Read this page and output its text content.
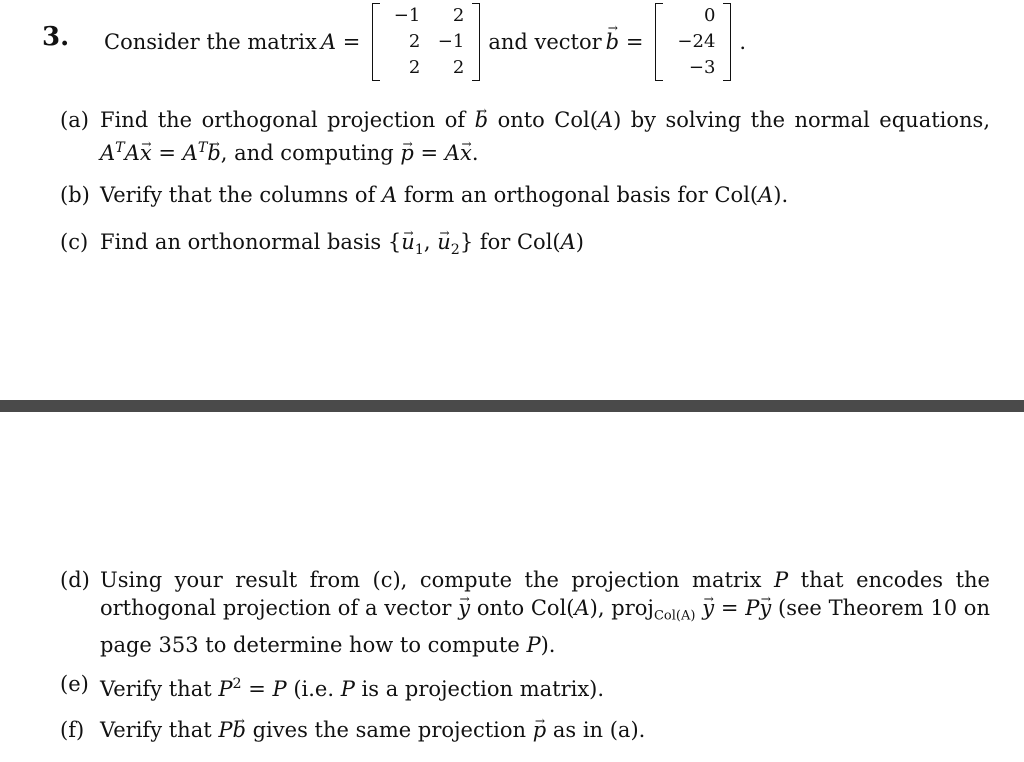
3. Consider the matrix A =
−1	2
2 −1
2	2
and vector b → =
0
−24
−3
.
(a) Find the orthogonal projection of b → onto Col(A) by solving the normal equations, $A^TAx$ → = $A^Tb$ →, and computing p → = Ax →.
(b) Verify that the columns of A form an orthogonal basis for Col(A).
(c) Find an orthonormal basis {$u \to_1$, $u \to_2$} for Col(A)
(d) Using your result from (c), compute the projection matrix P that encodes the orthogonal projection of a vector y → onto Col(A), proj$_{Col(A)}$ y → = Py → (see Theorem 10 on page 353 to determine how to compute P).
(e) Verify that $P^2 = P$ (i.e. P is a projection matrix).
(f) Verify that Pb → gives the same projection p → as in (a).
